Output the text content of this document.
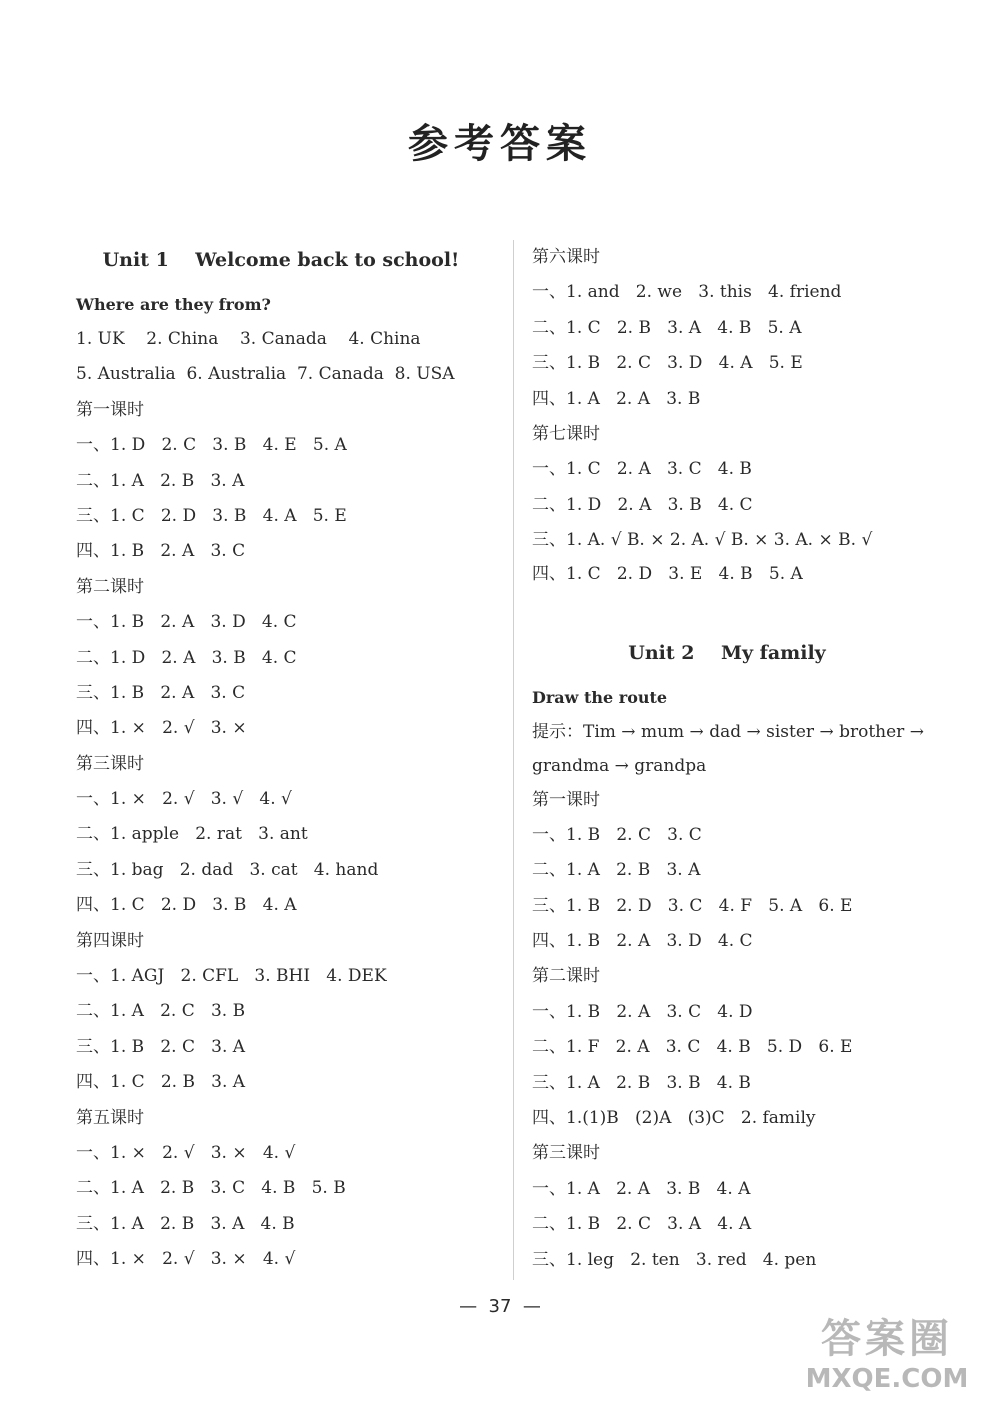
参考答案
Unit 1    Welcome back to school!
Where are they from?
1. UK    2. China    3. Canada    4. China
5. Australia  6. Australia  7. Canada  8. USA
第一课时
一、1. D   2. C   3. B   4. E   5. A
二、1. A   2. B   3. A
三、1. C   2. D   3. B   4. A   5. E
四、1. B   2. A   3. C
第二课时
一、1. B   2. A   3. D   4. C
二、1. D   2. A   3. B   4. C
三、1. B   2. A   3. C
四、1. ×   2. √   3. ×
第三课时
一、1. ×   2. √   3. √   4. √
二、1. apple   2. rat   3. ant
三、1. bag   2. dad   3. cat   4. hand
四、1. C   2. D   3. B   4. A
第四课时
一、1. AGJ   2. CFL   3. BHI   4. DEK
二、1. A   2. C   3. B
三、1. B   2. C   3. A
四、1. C   2. B   3. A
第五课时
一、1. ×   2. √   3. ×   4. √
二、1. A   2. B   3. C   4. B   5. B
三、1. A   2. B   3. A   4. B
四、1. ×   2. √   3. ×   4. √
第六课时
一、1. and   2. we   3. this   4. friend
二、1. C   2. B   3. A   4. B   5. A
三、1. B   2. C   3. D   4. A   5. E
四、1. A   2. A   3. B
第七课时
一、1. C   2. A   3. C   4. B
二、1. D   2. A   3. B   4. C
三、1. A. √ B. × 2. A. √ B. × 3. A. × B. √
四、1. C   2. D   3. E   4. B   5. A
Unit 2    My family
Draw the route
提示：Tim → mum → dad → sister → brother → grandma → grandpa
第一课时
一、1. B   2. C   3. C
二、1. A   2. B   3. A
三、1. B   2. D   3. C   4. F   5. A   6. E
四、1. B   2. A   3. D   4. C
第二课时
一、1. B   2. A   3. C   4. D
二、1. F   2. A   3. C   4. B   5. D   6. E
三、1. A   2. B   3. B   4. B
四、1.(1)B   (2)A   (3)C   2. family
第三课时
一、1. A   2. A   3. B   4. A
二、1. B   2. C   3. A   4. A
三、1. leg   2. ten   3. red   4. pen
—  37  —
答案圈
MXQE.COM
